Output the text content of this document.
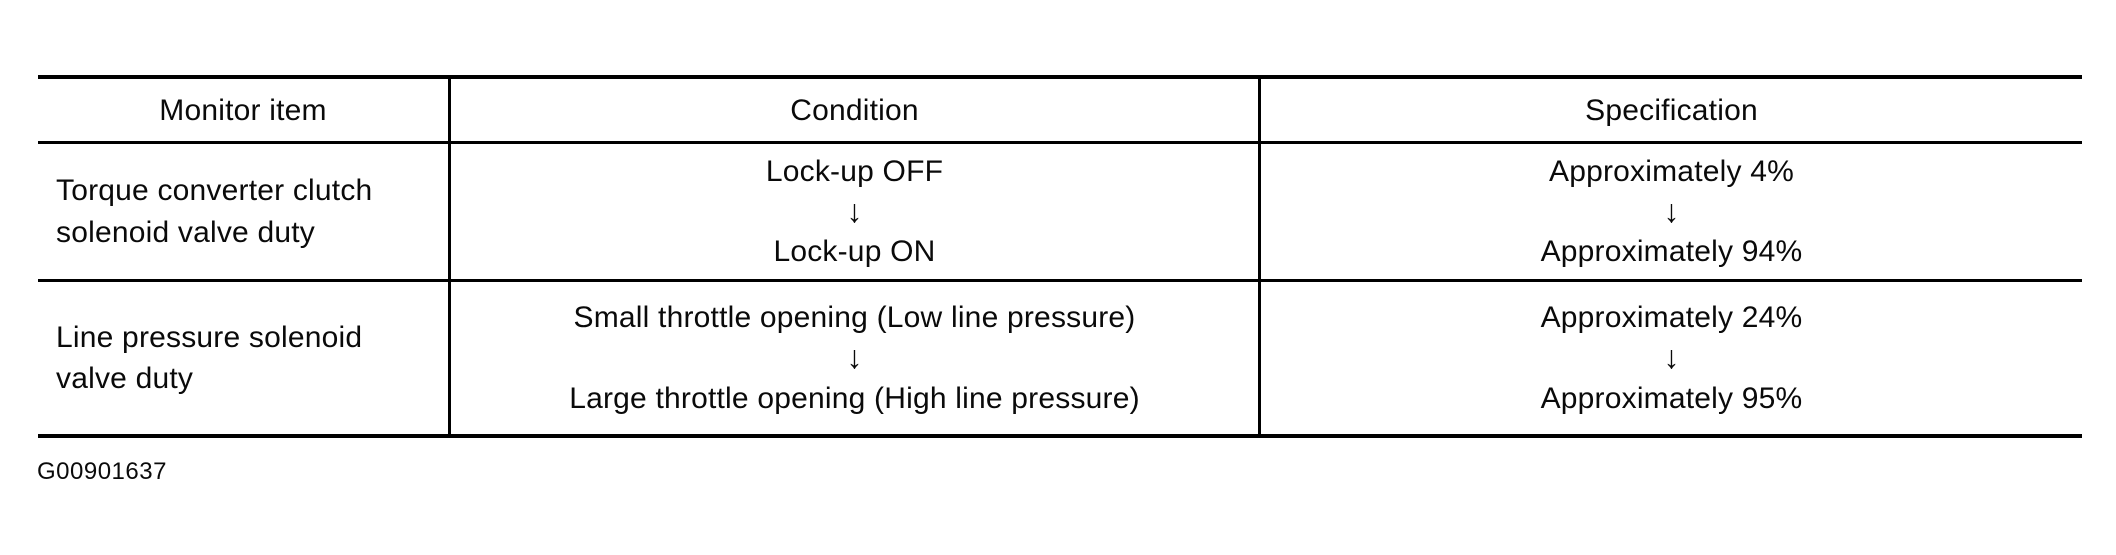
Monitor item	Condition	Specification
Torque converter clutch
solenoid valve duty
Lock-up OFF
↓
Lock-up ON
Approximately 4%
↓
Approximately 94%
Line pressure solenoid
valve duty
Small throttle opening (Low line pressure)
↓
Large throttle opening (High line pressure)
Approximately 24%
↓
Approximately 95%
G00901637
